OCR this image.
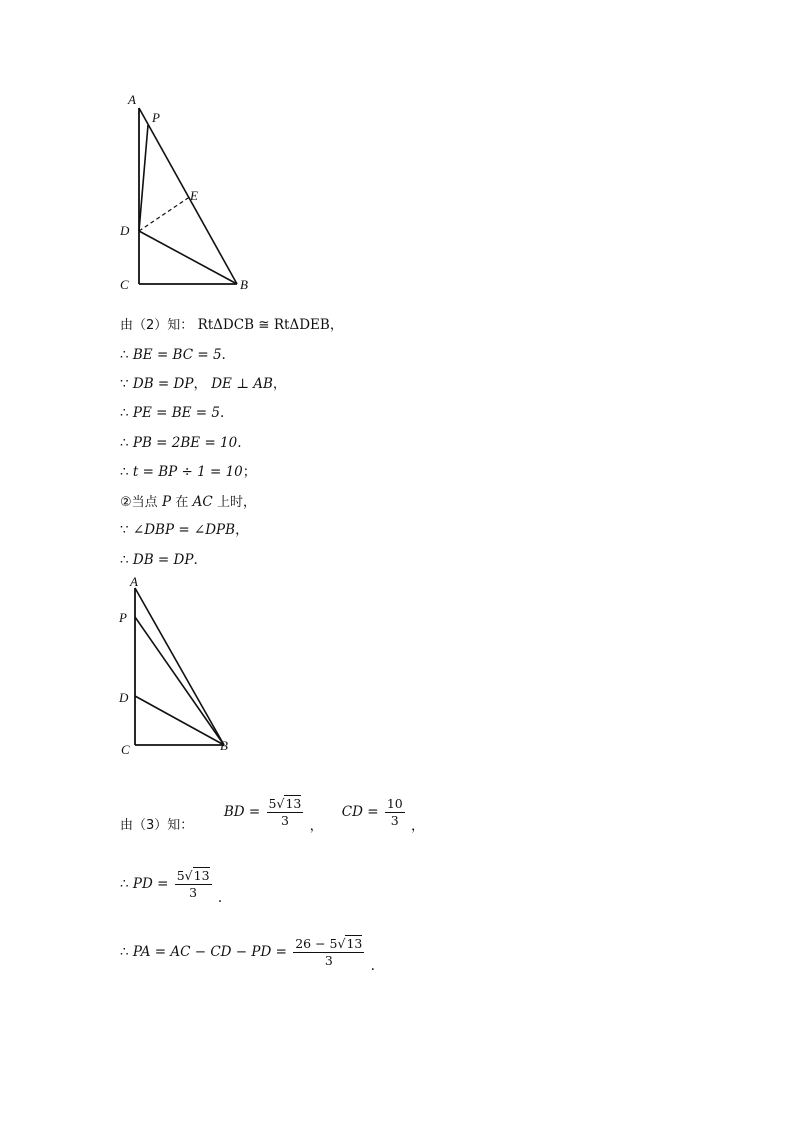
A
P
E
D
C	B
由（2）知： RtΔDCB ≅ RtΔDEB，
∴ BE = BC = 5.
∵ DB = DP， DE ⊥ AB，
∴ PE = BE = 5.
∴ PB = 2BE = 10.
∴ t = BP ÷ 1 = 10；
②当点 P 在 AC 上时，
∵ ∠DBP = ∠DPB，
∴ DB = DP.
A
P
D
C	B
由（3）知：  BD = $\frac{5√13}{3}$ ，  CD = $\frac{10}{3}$ ，
∴ PD = $\frac{5√13}{3}$ .
∴ PA = AC − CD − PD = $\frac{26 - 5√13}{3}$ .
